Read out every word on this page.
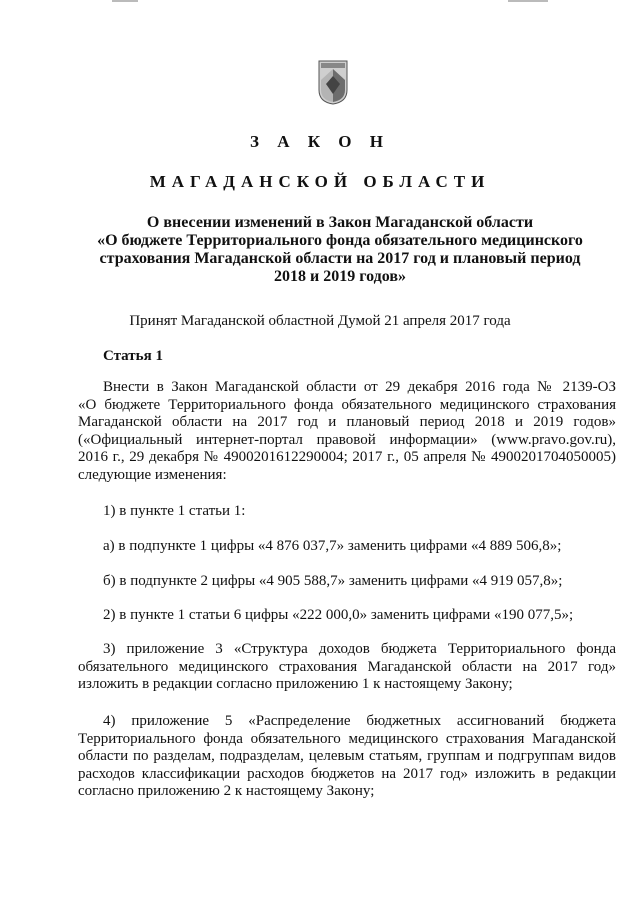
З А К О Н
МАГАДАНСКОЙ ОБЛАСТИ
О внесении изменений в Закон Магаданской области
«О бюджете Территориального фонда обязательного медицинского
страхования Магаданской области на 2017 год и плановый период
2018 и 2019 годов»
Принят Магаданской областной Думой 21 апреля 2017 года
Статья 1
Внести в Закон Магаданской области от 29 декабря 2016 года № 2139-ОЗ
«О бюджете Территориального фонда обязательного медицинского страхования
Магаданской области на 2017 год и плановый период 2018 и 2019 годов»
(«Официальный интернет-портал правовой информации» (www.pravo.gov.ru),
2016 г., 29 декабря № 4900201612290004; 2017 г., 05 апреля № 4900201704050005)
следующие изменения:
1) в пункте 1 статьи 1:
а) в подпункте 1 цифры «4 876 037,7» заменить цифрами «4 889 506,8»;
б) в подпункте 2 цифры «4 905 588,7» заменить цифрами «4 919 057,8»;
2) в пункте 1 статьи 6 цифры «222 000,0» заменить цифрами «190 077,5»;
3) приложение 3 «Структура доходов бюджета Территориального фонда
обязательного медицинского страхования Магаданской области на 2017 год»
изложить в редакции согласно приложению 1 к настоящему Закону;
4) приложение 5 «Распределение бюджетных ассигнований бюджета
Территориального фонда обязательного медицинского страхования Магаданской
области по разделам, подразделам, целевым статьям, группам и подгруппам видов
расходов классификации расходов бюджетов на 2017 год» изложить в редакции
согласно приложению 2 к настоящему Закону;
